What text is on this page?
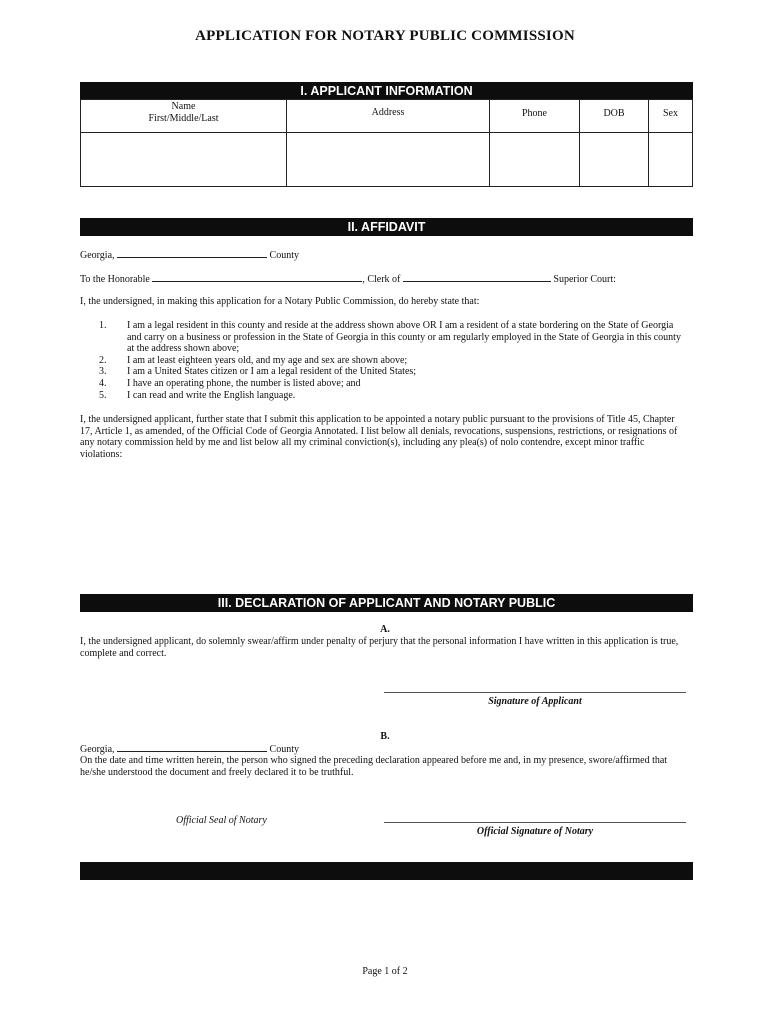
APPLICATION FOR NOTARY PUBLIC COMMISSION
I. APPLICANT INFORMATION
Name
First/Middle/Last
Address	Phone	DOB	Sex
II. AFFIDAVIT
Georgia,	County
To the Honorable	, Clerk of	Superior Court:
I, the undersigned, in making this application for a Notary Public Commission, do hereby state that:
1.	I am a legal resident in this county and reside at the address shown above OR I am a resident of a state bordering on the State of Georgia
and carry on a business or profession in the State of Georgia in this county or am regularly employed in the State of Georgia in this county
at the address shown above;
2.	I am at least eighteen years old, and my age and sex are shown above;
3.	I am a United States citizen or I am a legal resident of the United States;
4.	I have an operating phone, the number is listed above; and
5.	I can read and write the English language.
I, the undersigned applicant, further state that I submit this application to be appointed a notary public pursuant to the provisions of Title 45, Chapter
17, Article 1, as amended, of the Official Code of Georgia Annotated. I list below all denials, revocations, suspensions, restrictions, or resignations of
any notary commission held by me and list below all my criminal conviction(s), including any plea(s) of nolo contendre, except minor traffic
violations:
III. DECLARATION OF APPLICANT AND NOTARY PUBLIC
A.
I, the undersigned applicant, do solemnly swear/affirm under penalty of perjury that the personal information I have written in this application is true,
complete and correct.
Signature of Applicant
B.
Georgia,	County
On the date and time written herein, the person who signed the preceding declaration appeared before me and, in my presence, swore/affirmed that
he/she understood the document and freely declared it to be truthful.
Official Seal of Notary
Official Signature of Notary
Page 1 of 2
